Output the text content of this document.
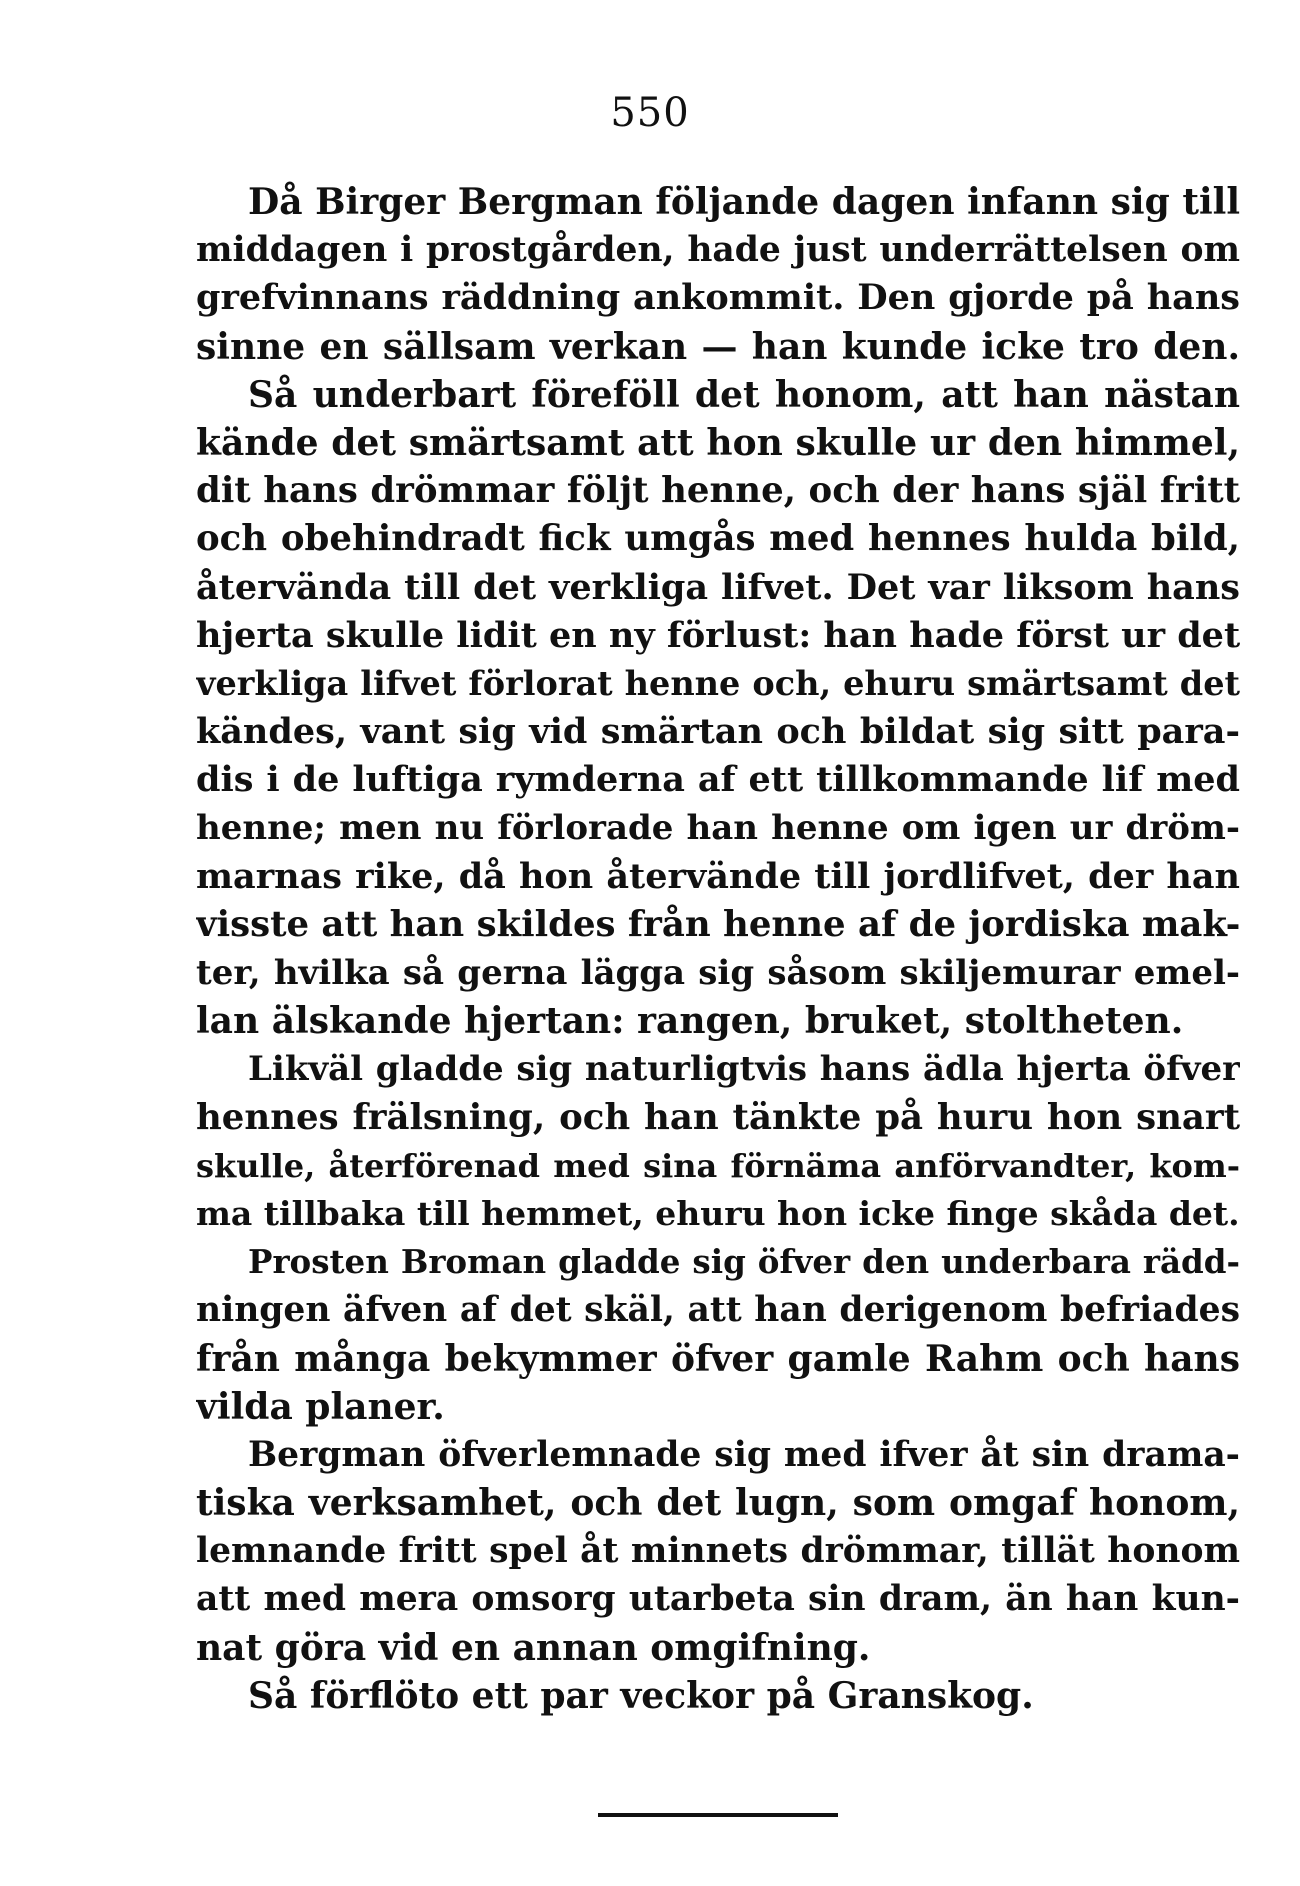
550
Då Birger Bergman följande dagen infann sig till
middagen i prostgården, hade just underrättelsen om
grefvinnans räddning ankommit. Den gjorde på hans
sinne en sällsam verkan — han kunde icke tro den.
Så underbart föreföll det honom, att han nästan
kände det smärtsamt att hon skulle ur den himmel,
dit hans drömmar följt henne, och der hans själ fritt
och obehindradt fick umgås med hennes hulda bild,
återvända till det verkliga lifvet. Det var liksom hans
hjerta skulle lidit en ny förlust: han hade först ur det
verkliga lifvet förlorat henne och, ehuru smärtsamt det
kändes, vant sig vid smärtan och bildat sig sitt para-
dis i de luftiga rymderna af ett tillkommande lif med
henne; men nu förlorade han henne om igen ur dröm-
marnas rike, då hon återvände till jordlifvet, der han
visste att han skildes från henne af de jordiska mak-
ter, hvilka så gerna lägga sig såsom skiljemurar emel-
lan älskande hjertan: rangen, bruket, stoltheten.
Likväl gladde sig naturligtvis hans ädla hjerta öfver
hennes frälsning, och han tänkte på huru hon snart
skulle, återförenad med sina förnäma anförvandter, kom-
ma tillbaka till hemmet, ehuru hon icke finge skåda det.
Prosten Broman gladde sig öfver den underbara rädd-
ningen äfven af det skäl, att han derigenom befriades
från många bekymmer öfver gamle Rahm och hans
vilda planer.
Bergman öfverlemnade sig med ifver åt sin drama-
tiska verksamhet, och det lugn, som omgaf honom,
lemnande fritt spel åt minnets drömmar, tillät honom
att med mera omsorg utarbeta sin dram, än han kun-
nat göra vid en annan omgifning.
Så förflöto ett par veckor på Granskog.
